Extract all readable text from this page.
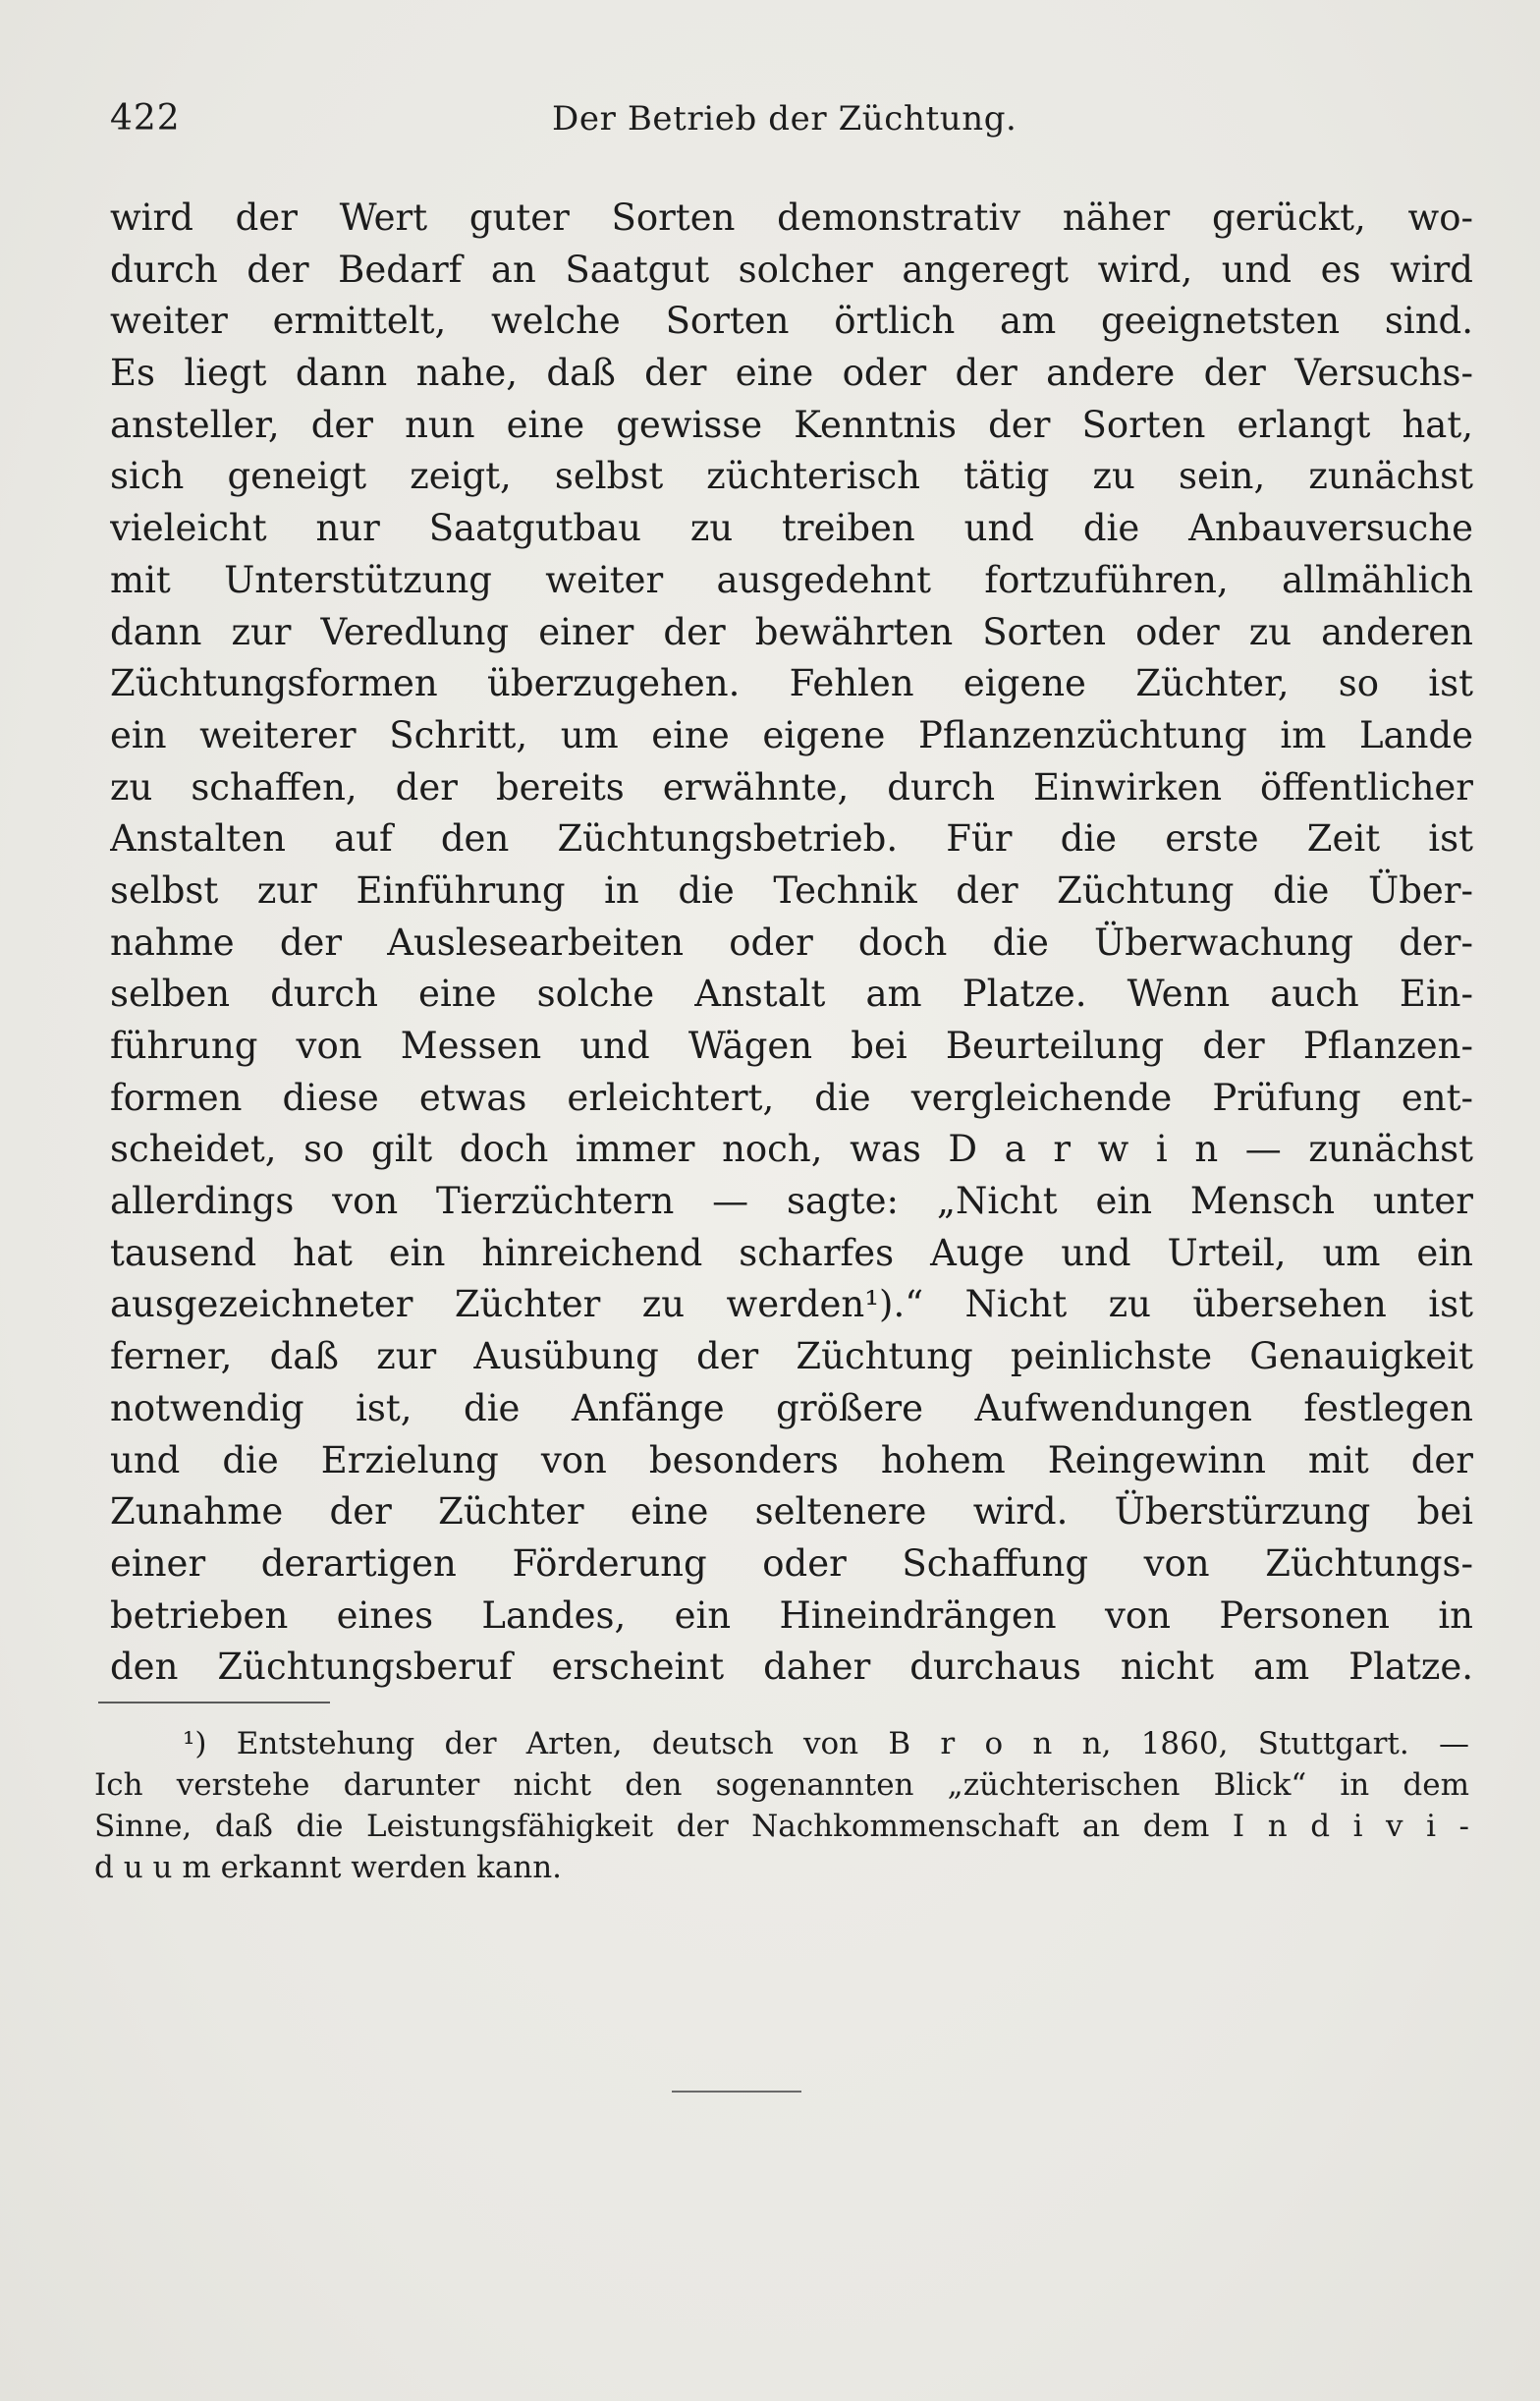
422	Der Betrieb der Züchtung.
wird der Wert guter Sorten demonstrativ näher gerückt, wo-
durch der Bedarf an Saatgut solcher angeregt wird, und es wird
weiter ermittelt, welche Sorten örtlich am geeignetsten sind.
Es liegt dann nahe, daß der eine oder der andere der Versuchs-
ansteller, der nun eine gewisse Kenntnis der Sorten erlangt hat,
sich geneigt zeigt, selbst züchterisch tätig zu sein, zunächst
vieleicht nur Saatgutbau zu treiben und die Anbauversuche
mit Unterstützung weiter ausgedehnt fortzuführen, allmählich
dann zur Veredlung einer der bewährten Sorten oder zu anderen
Züchtungsformen überzugehen. Fehlen eigene Züchter, so ist
ein weiterer Schritt, um eine eigene Pflanzenzüchtung im Lande
zu schaffen, der bereits erwähnte, durch Einwirken öffentlicher
Anstalten auf den Züchtungsbetrieb. Für die erste Zeit ist
selbst zur Einführung in die Technik der Züchtung die Über-
nahme der Auslesearbeiten oder doch die Überwachung der-
selben durch eine solche Anstalt am Platze. Wenn auch Ein-
führung von Messen und Wägen bei Beurteilung der Pflanzen-
formen diese etwas erleichtert, die vergleichende Prüfung ent-
scheidet, so gilt doch immer noch, was D a r w i n — zunächst
allerdings von Tierzüchtern — sagte: „Nicht ein Mensch unter
tausend hat ein hinreichend scharfes Auge und Urteil, um ein
ausgezeichneter Züchter zu werden¹).“ Nicht zu übersehen ist
ferner, daß zur Ausübung der Züchtung peinlichste Genauigkeit
notwendig ist, die Anfänge größere Aufwendungen festlegen
und die Erzielung von besonders hohem Reingewinn mit der
Zunahme der Züchter eine seltenere wird. Überstürzung bei
einer derartigen Förderung oder Schaffung von Züchtungs-
betrieben eines Landes, ein Hineindrängen von Personen in
den Züchtungsberuf erscheint daher durchaus nicht am Platze.
¹) Entstehung der Arten, deutsch von B r o n n, 1860, Stuttgart. —
Ich verstehe darunter nicht den sogenannten „züchterischen Blick“ in dem
Sinne, daß die Leistungsfähigkeit der Nachkommenschaft an dem I n d i v i -
d u u m erkannt werden kann.
